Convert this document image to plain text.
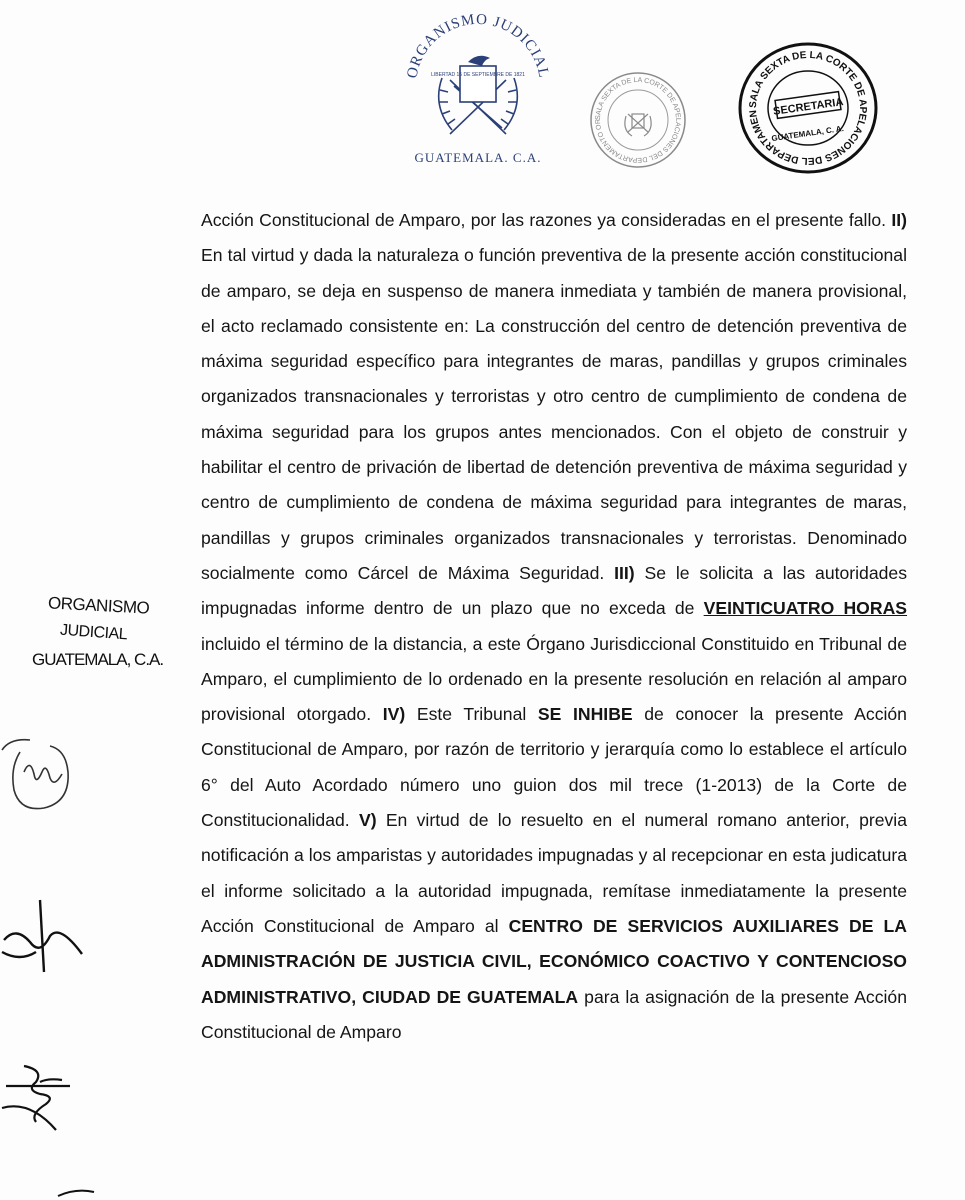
ORGANISMO JUDICIAL
LIBERTAD 15 DE SEPTIEMBRE DE 1821
GUATEMALA. C.A.
SALA SEXTA DE LA CORTE DE APELACIONES DEL DEPARTAMENTO OR
SALA SEXTA DE LA CORTE DE APELACIONES DEL DEPARTAMEN	SECRETARIA
GUATEMALA, C. A.
ORGANISMO
JUDICIAL
GUATEMALA, C.A.
Acción Constitucional de Amparo, por las razones ya consideradas en el presente fallo. II) En tal virtud y dada la naturaleza o función preventiva de la presente acción constitucional de amparo, se deja en suspenso de manera inmediata y también de manera provisional, el acto reclamado consistente en: La construcción del centro de detención preventiva de máxima seguridad específico para integrantes de maras, pandillas y grupos criminales organizados transnacionales y terroristas y otro centro de cumplimiento de condena de máxima seguridad para los grupos antes mencionados. Con el objeto de construir y habilitar el centro de privación de libertad de detención preventiva de máxima seguridad y centro de cumplimiento de condena de máxima seguridad para integrantes de maras, pandillas y grupos criminales organizados transnacionales y terroristas. Denominado socialmente como Cárcel de Máxima Seguridad. III) Se le solicita a las autoridades impugnadas informe dentro de un plazo que no exceda de VEINTICUATRO HORAS incluido el término de la distancia, a este Órgano Jurisdiccional Constituido en Tribunal de Amparo, el cumplimiento de lo ordenado en la presente resolución en relación al amparo provisional otorgado. IV) Este Tribunal SE INHIBE de conocer la presente Acción Constitucional de Amparo, por razón de territorio y jerarquía como lo establece el artículo 6° del Auto Acordado número uno guion dos mil trece (1-2013) de la Corte de Constitucionalidad. V) En virtud de lo resuelto en el numeral romano anterior, previa notificación a los amparistas y autoridades impugnadas y al recepcionar en esta judicatura el informe solicitado a la autoridad impugnada, remítase inmediatamente la presente Acción Constitucional de Amparo al CENTRO DE SERVICIOS AUXILIARES DE LA ADMINISTRACIÓN DE JUSTICIA CIVIL, ECONÓMICO COACTIVO Y CONTENCIOSO ADMINISTRATIVO, CIUDAD DE GUATEMALA para la asignación de la presente Acción Constitucional de Amparo
